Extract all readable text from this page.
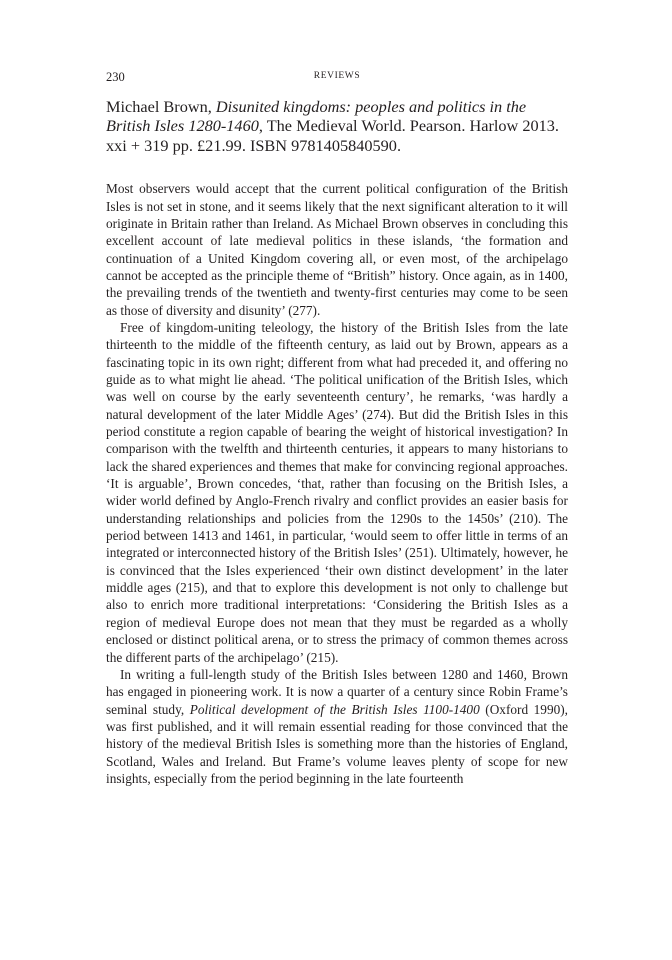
230	REVIEWS
Michael Brown, Disunited kingdoms: peoples and politics in the British Isles 1280-1460, The Medieval World. Pearson. Harlow 2013. xxi + 319 pp. £21.99. ISBN 9781405840590.

Most observers would accept that the current political configuration of the British Isles is not set in stone, and it seems likely that the next significant alteration to it will originate in Britain rather than Ireland. As Michael Brown observes in concluding this excellent account of late medieval politics in these islands, ‘the formation and continuation of a United Kingdom covering all, or even most, of the archipelago cannot be accepted as the principle theme of “British” history. Once again, as in 1400, the prevailing trends of the twentieth and twenty-first centuries may come to be seen as those of diversity and disunity’ (277).

Free of kingdom-uniting teleology, the history of the British Isles from the late thirteenth to the middle of the fifteenth century, as laid out by Brown, appears as a fascinating topic in its own right; different from what had preceded it, and offering no guide as to what might lie ahead. ‘The political unification of the British Isles, which was well on course by the early seventeenth century’, he remarks, ‘was hardly a natural development of the later Middle Ages’ (274). But did the British Isles in this period constitute a region capable of bearing the weight of historical investigation? In comparison with the twelfth and thirteenth centuries, it appears to many historians to lack the shared experiences and themes that make for convincing regional approaches. ‘It is arguable’, Brown concedes, ‘that, rather than focusing on the British Isles, a wider world defined by Anglo-French rivalry and conflict provides an easier basis for understanding relationships and policies from the 1290s to the 1450s’ (210). The period between 1413 and 1461, in particular, ‘would seem to offer little in terms of an integrated or interconnected history of the British Isles’ (251). Ultimately, however, he is convinced that the Isles experienced ‘their own distinct development’ in the later middle ages (215), and that to explore this development is not only to challenge but also to enrich more traditional interpretations: ‘Considering the British Isles as a region of medieval Europe does not mean that they must be regarded as a wholly enclosed or distinct political arena, or to stress the primacy of common themes across the different parts of the archipelago’ (215).

In writing a full-length study of the British Isles between 1280 and 1460, Brown has engaged in pioneering work. It is now a quarter of a century since Robin Frame’s seminal study, Political development of the British Isles 1100-1400 (Oxford 1990), was first published, and it will remain essential reading for those convinced that the history of the medieval British Isles is something more than the histories of England, Scotland, Wales and Ireland. But Frame’s volume leaves plenty of scope for new insights, especially from the period beginning in the late fourteenth
